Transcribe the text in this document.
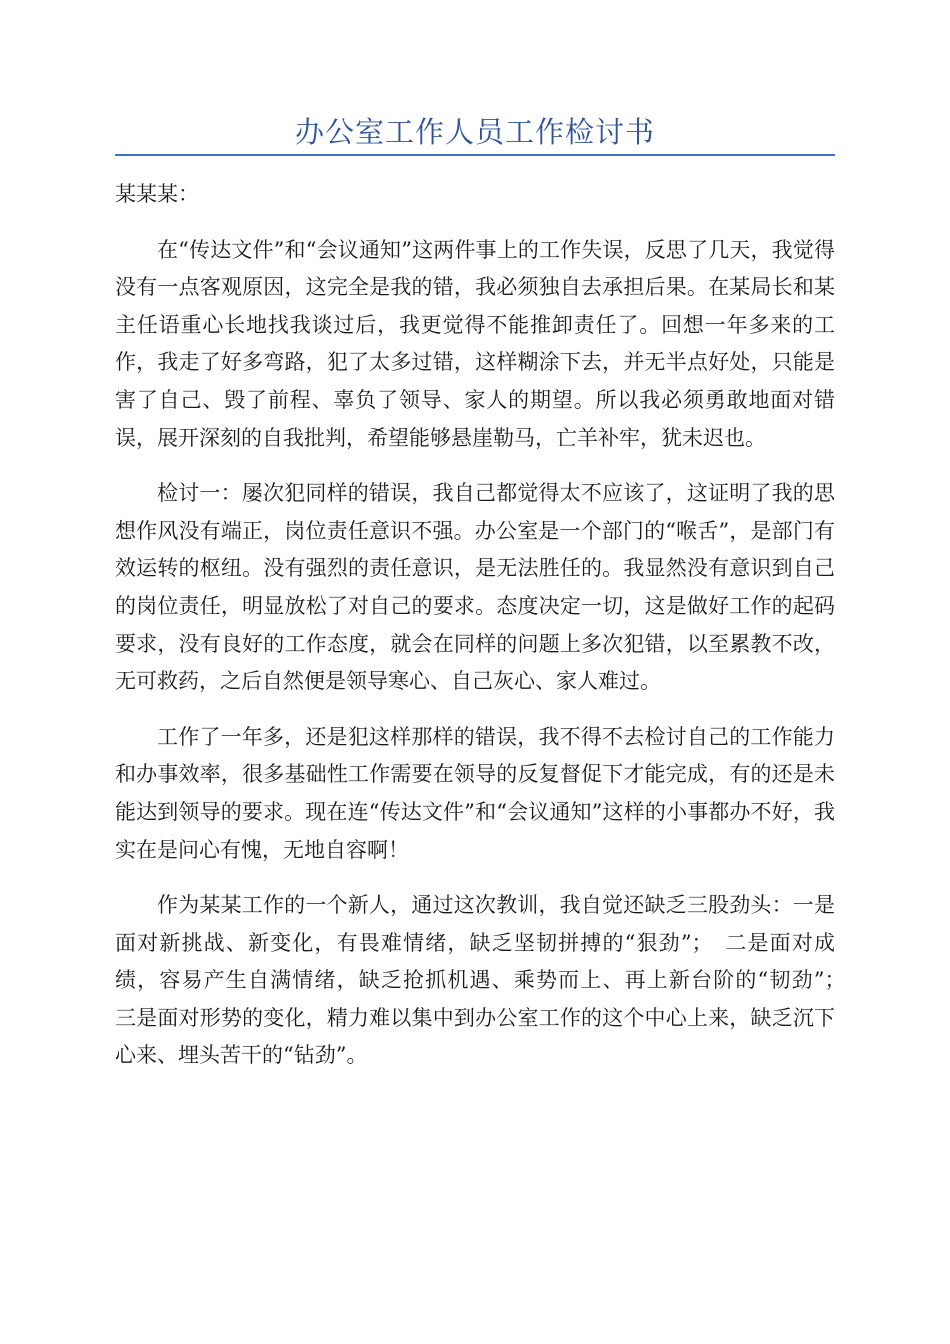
办公室工作人员工作检讨书

某某某：

在“传达文件”和“会议通知”这两件事上的工作失误，反思了几天，我觉得没有一点客观原因，这完全是我的错，我必须独自去承担后果。在某局长和某主任语重心长地找我谈过后，我更觉得不能推卸责任了。回想一年多来的工作，我走了好多弯路，犯了太多过错，这样糊涂下去，并无半点好处，只能是害了自己、毁了前程、辜负了领导、家人的期望。所以我必须勇敢地面对错误，展开深刻的自我批判，希望能够悬崖勒马，亡羊补牢，犹未迟也。

检讨一：屡次犯同样的错误，我自己都觉得太不应该了，这证明了我的思想作风没有端正，岗位责任意识不强。办公室是一个部门的“喉舌”，是部门有效运转的枢纽。没有强烈的责任意识，是无法胜任的。我显然没有意识到自己的岗位责任，明显放松了对自己的要求。态度决定一切，这是做好工作的起码要求，没有良好的工作态度，就会在同样的问题上多次犯错，以至累教不改，无可救药，之后自然便是领导寒心、自己灰心、家人难过。

工作了一年多，还是犯这样那样的错误，我不得不去检讨自己的工作能力和办事效率，很多基础性工作需要在领导的反复督促下才能完成，有的还是未能达到领导的要求。现在连“传达文件”和“会议通知”这样的小事都办不好，我实在是问心有愧，无地自容啊！

作为某某工作的一个新人，通过这次教训，我自觉还缺乏三股劲头：一是面对新挑战、新变化，有畏难情绪，缺乏坚韧拼搏的“狠劲”；　二是面对成绩，容易产生自满情绪，缺乏抢抓机遇、乘势而上、再上新台阶的“韧劲”；　三是面对形势的变化，精力难以集中到办公室工作的这个中心上来，缺乏沉下心来、埋头苦干的“钻劲”。
